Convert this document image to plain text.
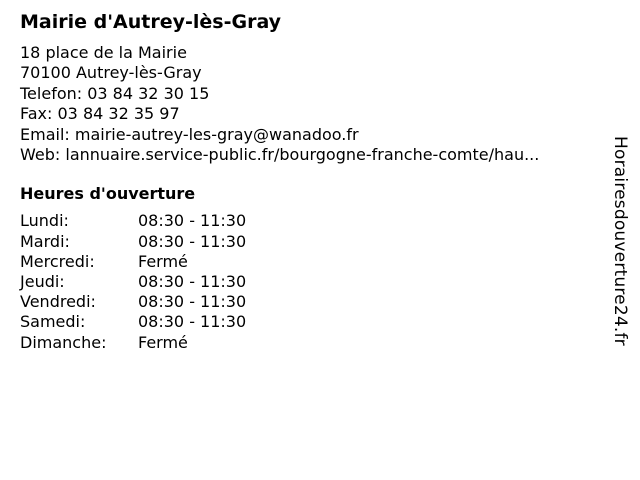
Mairie d'Autrey-lès-Gray
18 place de la Mairie
70100 Autrey-lès-Gray
Telefon: 03 84 32 30 15
Fax: 03 84 32 35 97
Email: mairie-autrey-les-gray@wanadoo.fr
Web: lannuaire.service-public.fr/bourgogne-franche-comte/hau...
Heures d'ouverture
Lundi:	08:30 - 11:30
Mardi:	08:30 - 11:30
Mercredi:	Fermé
Jeudi:	08:30 - 11:30
Vendredi:	08:30 - 11:30
Samedi:	08:30 - 11:30
Dimanche:	Fermé	Horairesdouverture24.fr
